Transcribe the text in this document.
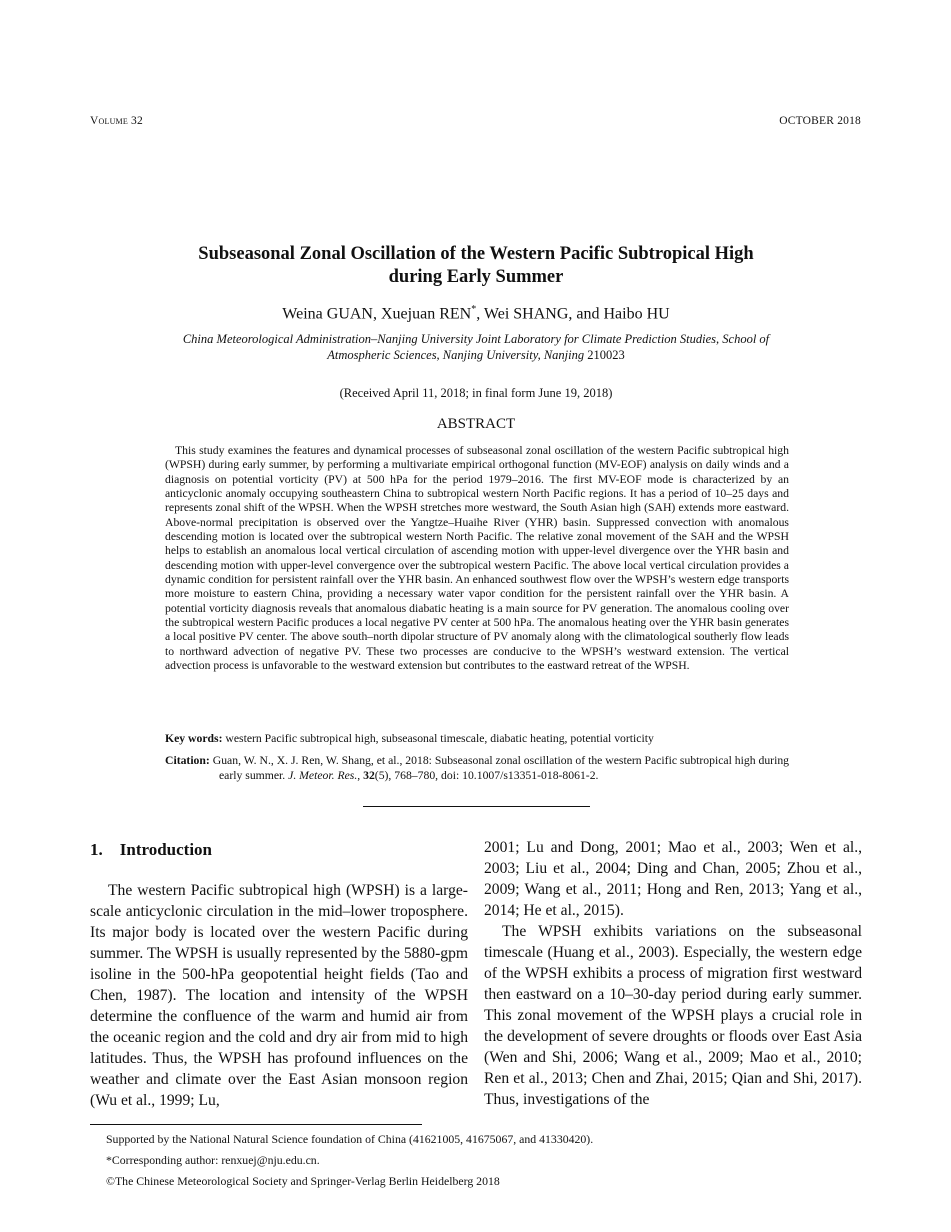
Volume 32	OCTOBER 2018
Subseasonal Zonal Oscillation of the Western Pacific Subtropical High
during Early Summer
Weina GUAN, Xuejuan REN*, Wei SHANG, and Haibo HU
China Meteorological Administration–Nanjing University Joint Laboratory for Climate Prediction Studies, School of Atmospheric Sciences, Nanjing University, Nanjing 210023
(Received April 11, 2018; in final form June 19, 2018)
ABSTRACT

This study examines the features and dynamical processes of subseasonal zonal oscillation of the western Pacific subtropical high (WPSH) during early summer, by performing a multivariate empirical orthogonal function (MV-EOF) analysis on daily winds and a diagnosis on potential vorticity (PV) at 500 hPa for the period 1979–2016. The first MV-EOF mode is characterized by an anticyclonic anomaly occupying southeastern China to subtropical western North Pacific regions. It has a period of 10–25 days and represents zonal shift of the WPSH. When the WPSH stretches more westward, the South Asian high (SAH) extends more eastward. Above-normal precipitation is observed over the Yangtze–Huaihe River (YHR) basin. Suppressed convection with anomalous descending motion is located over the subtropical western North Pacific. The relative zonal movement of the SAH and the WPSH helps to establish an anomalous local vertical circulation of ascending motion with upper-level divergence over the YHR basin and descending motion with upper-level convergence over the subtropical western Pacific. The above local vertical circulation provides a dynamic condition for persistent rainfall over the YHR basin. An enhanced southwest flow over the WPSH’s western edge transports more moisture to eastern China, providing a necessary water vapor condition for the persistent rainfall over the YHR basin. A potential vorticity diagnosis reveals that anomalous diabatic heating is a main source for PV generation. The anomalous cooling over the subtropical western Pacific produces a local negative PV center at 500 hPa. The anomalous heating over the YHR basin generates a local positive PV center. The above south–north dipolar structure of PV anomaly along with the climatological southerly flow leads to northward advection of negative PV. These two processes are conducive to the WPSH’s westward extension. The vertical advection process is unfavorable to the westward extension but contributes to the eastward retreat of the WPSH.

Key words: western Pacific subtropical high, subseasonal timescale, diabatic heating, potential vorticity
Citation: Guan, W. N., X. J. Ren, W. Shang, et al., 2018: Subseasonal zonal oscillation of the western Pacific subtropical high during early summer. J. Meteor. Res., 32(5), 768–780, doi: 10.1007/s13351-018-8061-2.
1. Introduction

The western Pacific subtropical high (WPSH) is a large-scale anticyclonic circulation in the mid–lower troposphere. Its major body is located over the western Pacific during summer. The WPSH is usually represented by the 5880-gpm isoline in the 500-hPa geopotential height fields (Tao and Chen, 1987). The location and intensity of the WPSH determine the confluence of the warm and humid air from the oceanic region and the cold and dry air from mid to high latitudes. Thus, the WPSH has profound influences on the weather and climate over the East Asian monsoon region (Wu et al., 1999; Lu,

2001; Lu and Dong, 2001; Mao et al., 2003; Wen et al., 2003; Liu et al., 2004; Ding and Chan, 2005; Zhou et al., 2009; Wang et al., 2011; Hong and Ren, 2013; Yang et al., 2014; He et al., 2015).

The WPSH exhibits variations on the subseasonal timescale (Huang et al., 2003). Especially, the western edge of the WPSH exhibits a process of migration first westward then eastward on a 10–30-day period during early summer. This zonal movement of the WPSH plays a crucial role in the development of severe droughts or floods over East Asia (Wen and Shi, 2006; Wang et al., 2009; Mao et al., 2010; Ren et al., 2013; Chen and Zhai, 2015; Qian and Shi, 2017). Thus, investigations of the

Supported by the National Natural Science foundation of China (41621005, 41675067, and 41330420).
*Corresponding author: renxuej@nju.edu.cn.
©The Chinese Meteorological Society and Springer-Verlag Berlin Heidelberg 2018
